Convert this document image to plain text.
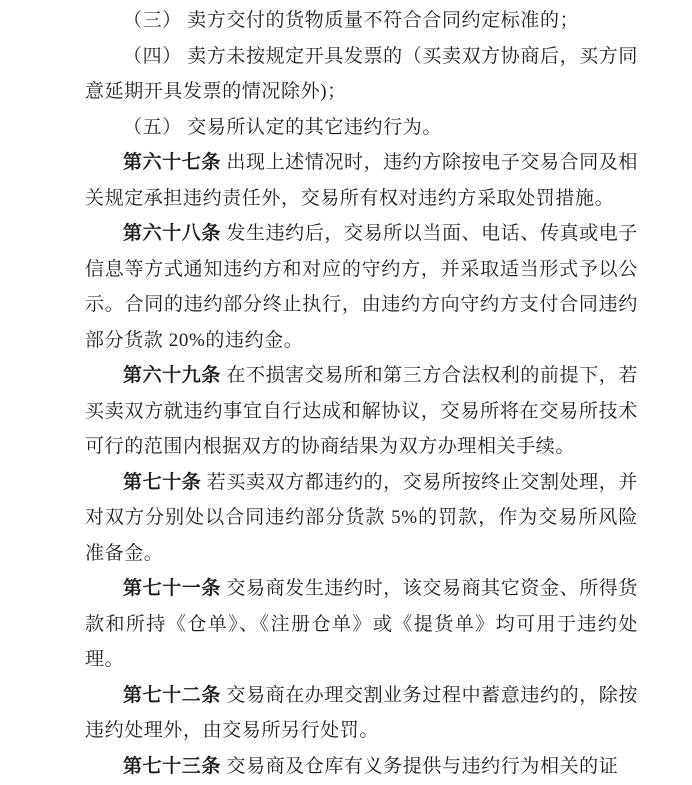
（三） 卖方交付的货物质量不符合合同约定标准的；

（四） 卖方未按规定开具发票的（买卖双方协商后，买方同意延期开具发票的情况除外)；

（五） 交易所认定的其它违约行为。

第六十七条 出现上述情况时，违约方除按电子交易合同及相关规定承担违约责任外，交易所有权对违约方采取处罚措施。

第六十八条 发生违约后，交易所以当面、电话、传真或电子信息等方式通知违约方和对应的守约方，并采取适当形式予以公示。合同的违约部分终止执行，由违约方向守约方支付合同违约部分货款 20%的违约金。

第六十九条 在不损害交易所和第三方合法权利的前提下，若买卖双方就违约事宜自行达成和解协议，交易所将在交易所技术可行的范围内根据双方的协商结果为双方办理相关手续。

第七十条 若买卖双方都违约的，交易所按终止交割处理，并对双方分别处以合同违约部分货款 5%的罚款，作为交易所风险准备金。

第七十一条 交易商发生违约时，该交易商其它资金、所得货款和所持《仓单》、《注册仓单》或《提货单》均可用于违约处理。

第七十二条 交易商在办理交割业务过程中蓄意违约的，除按违约处理外，由交易所另行处罚。

第七十三条 交易商及仓库有义务提供与违约行为相关的证
